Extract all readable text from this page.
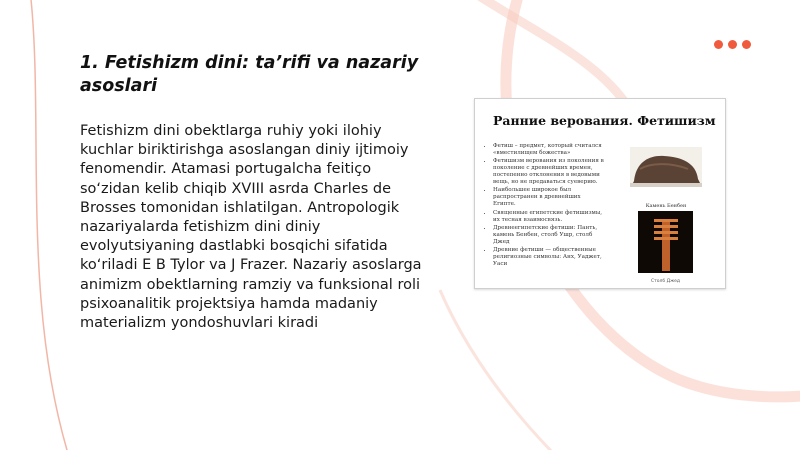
1. Fetishizm dini: ta’rifi va nazariy asoslari

Fetishizm dini obektlarga ruhiy yoki ilohiy kuchlar biriktirishga asoslangan diniy ijtimoiy fenomendir. Atamasi portugalcha feitiço so‘zidan kelib chiqib XVIII asrda Charles de Brosses tomonidan ishlatilgan. Antropologik nazariyalarda fetishizm dini diniy evolyutsiyaning dastlabki bosqichi sifatida ko‘riladi E B Tylor va J Frazer. Nazariy asoslarga animizm obektlarning ramziy va funksional roli psixoanalitik projektsiya hamda madaniy materializm yondoshuvlari kiradi

Ранние верования. Фетишизм
• Фетиш – предмет, который считался «вместилищем божества»
• Фетишизм верования из поколения в поколение с древнейших времен, постепенно отклонения в ведовыми вещь, но не предаваться суеверию.
• Наибольшее широкое был распространен в древнейших Египте.
• Священные египетские фетишизмы, их тесная взаимосвязь.
• Древнеегипетские фетиши: Панть, камень Бенбен, столб Ушр, столб Джед
• Древние фетиши — общественные религиозные символы: Анх, Уаджет, Уаси
Камень Бенбен
Столб Джед
